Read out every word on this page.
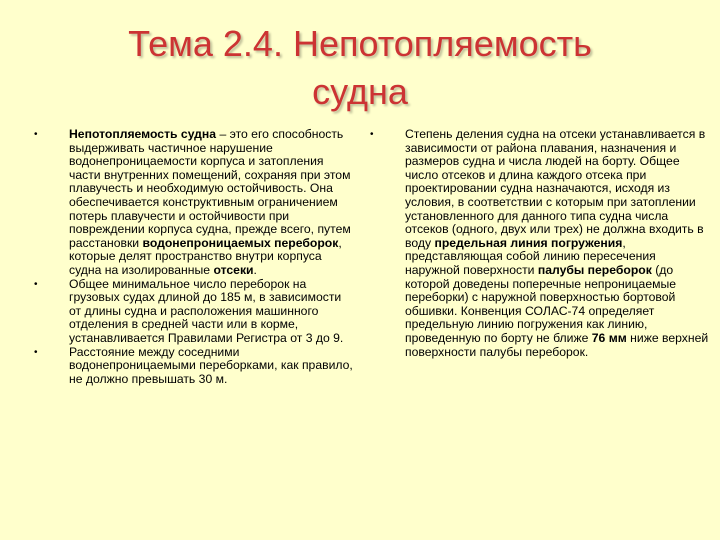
Тема 2.4. Непотопляемость
судна
•	Непотопляемость судна – это его способность выдерживать частичное нарушение водонепроницаемости корпуса и затопления части внутренних помещений, сохраняя при этом плавучесть и необходимую остойчивость. Она обеспечивается конструктивным ограничением потерь плавучести и остойчивости при повреждении корпуса судна, прежде всего, путем расстановки водонепроницаемых переборок, которые делят пространство внутри корпуса судна на изолированные отсеки.
•	Общее минимальное число переборок на грузовых судах длиной до 185 м, в зависимости от длины судна и расположения машинного отделения в средней части или в корме, устанавливается Правилами Регистра от 3 до 9.
•	Расстояние между соседними водонепроницаемыми переборками, как правило, не должно превышать 30 м.
•	Степень деления судна на отсеки устанавливается в зависимости от района плавания, назначения и размеров судна и числа людей на борту. Общее число отсеков и длина каждого отсека при проектировании судна назначаются, исходя из условия, в соответствии с которым при затоплении установленного для данного типа судна числа отсеков (одного, двух или трех) не должна входить в воду предельная линия погружения, представляющая собой линию пересечения наружной поверхности палубы переборок (до которой доведены поперечные непроницаемые переборки) с наружной поверхностью бортовой обшивки. Конвенция СОЛАС-74 определяет предельную линию погружения как линию, проведенную по борту не ближе 76 мм ниже верхней поверхности палубы переборок.
